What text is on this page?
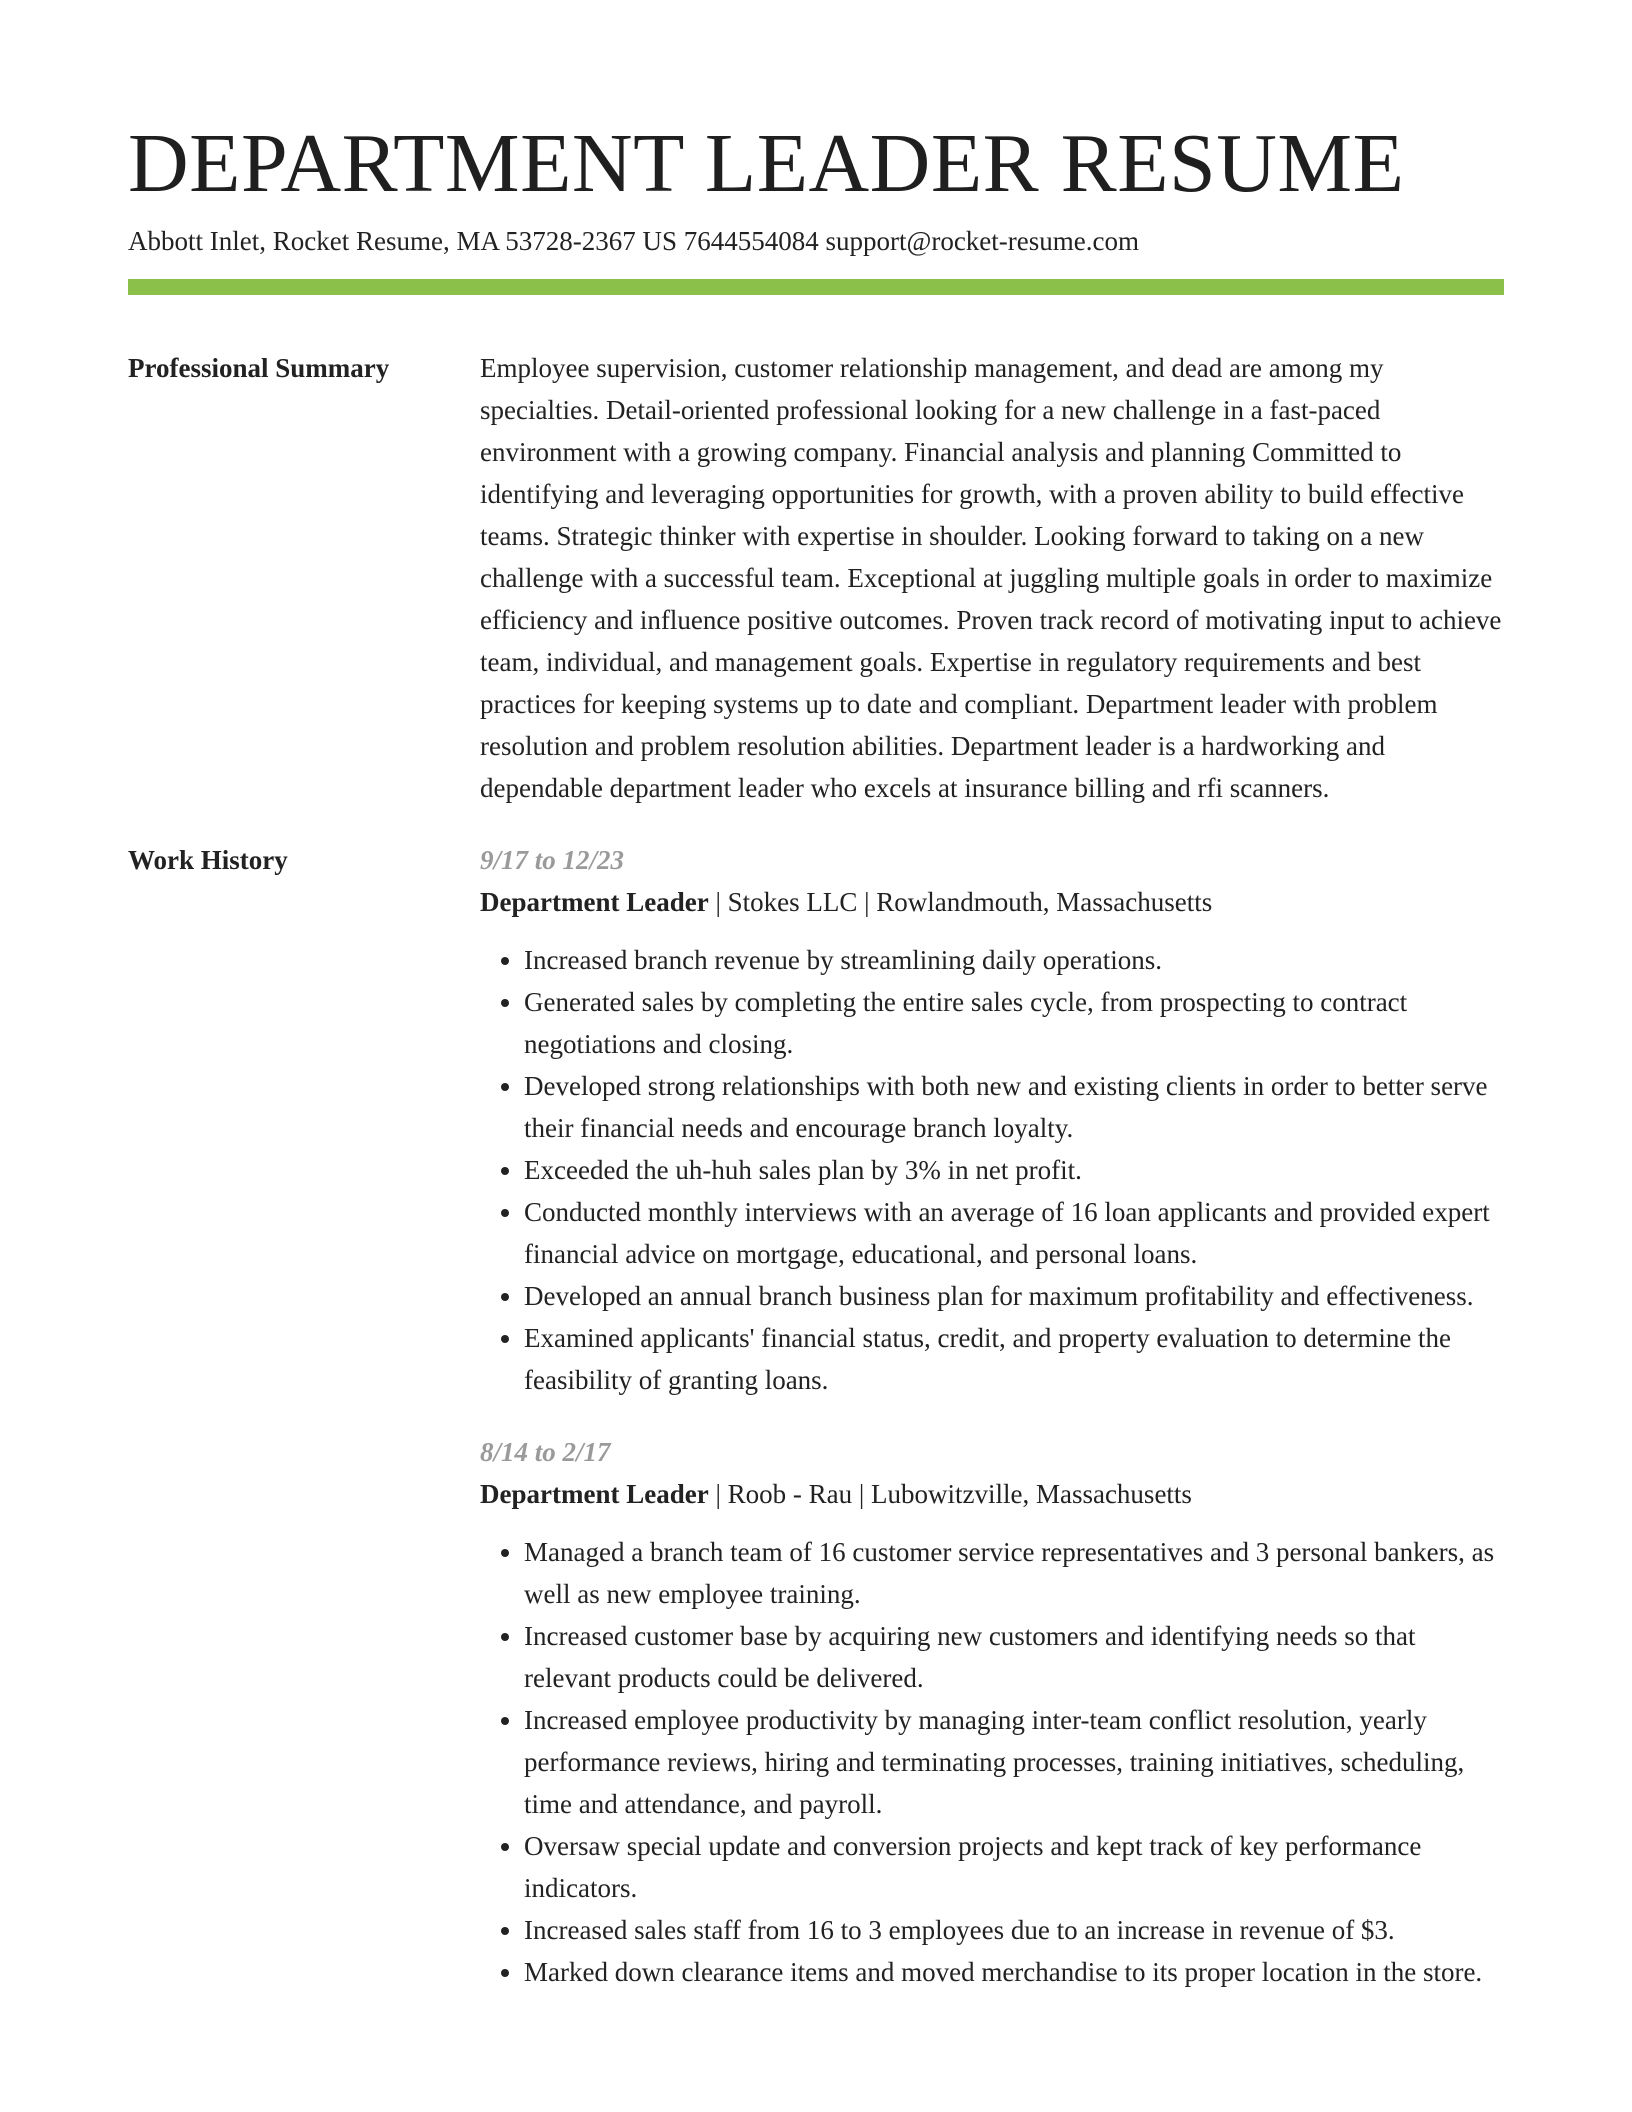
DEPARTMENT LEADER RESUME
Abbott Inlet, Rocket Resume, MA 53728-2367 US 7644554084 support@rocket-resume.com
Professional Summary	Employee supervision, customer relationship management, and dead are among my specialties. Detail-oriented professional looking for a new challenge in a fast-paced environment with a growing company. Financial analysis and planning Committed to identifying and leveraging opportunities for growth, with a proven ability to build effective teams. Strategic thinker with expertise in shoulder. Looking forward to taking on a new challenge with a successful team. Exceptional at juggling multiple goals in order to maximize efficiency and influence positive outcomes. Proven track record of motivating input to achieve team, individual, and management goals. Expertise in regulatory requirements and best practices for keeping systems up to date and compliant. Department leader with problem resolution and problem resolution abilities. Department leader is a hardworking and dependable department leader who excels at insurance billing and rfi scanners.

Work History	9/17 to 12/23
Department Leader | Stokes LLC | Rowlandmouth, Massachusetts
• Increased branch revenue by streamlining daily operations.
• Generated sales by completing the entire sales cycle, from prospecting to contract negotiations and closing.
• Developed strong relationships with both new and existing clients in order to better serve their financial needs and encourage branch loyalty.
• Exceeded the uh-huh sales plan by 3% in net profit.
• Conducted monthly interviews with an average of 16 loan applicants and provided expert financial advice on mortgage, educational, and personal loans.
• Developed an annual branch business plan for maximum profitability and effectiveness.
• Examined applicants' financial status, credit, and property evaluation to determine the feasibility of granting loans.
8/14 to 2/17
Department Leader | Roob - Rau | Lubowitzville, Massachusetts
• Managed a branch team of 16 customer service representatives and 3 personal bankers, as well as new employee training.
• Increased customer base by acquiring new customers and identifying needs so that relevant products could be delivered.
• Increased employee productivity by managing inter-team conflict resolution, yearly performance reviews, hiring and terminating processes, training initiatives, scheduling, time and attendance, and payroll.
• Oversaw special update and conversion projects and kept track of key performance indicators.
• Increased sales staff from 16 to 3 employees due to an increase in revenue of $3.
• Marked down clearance items and moved merchandise to its proper location in the store.
